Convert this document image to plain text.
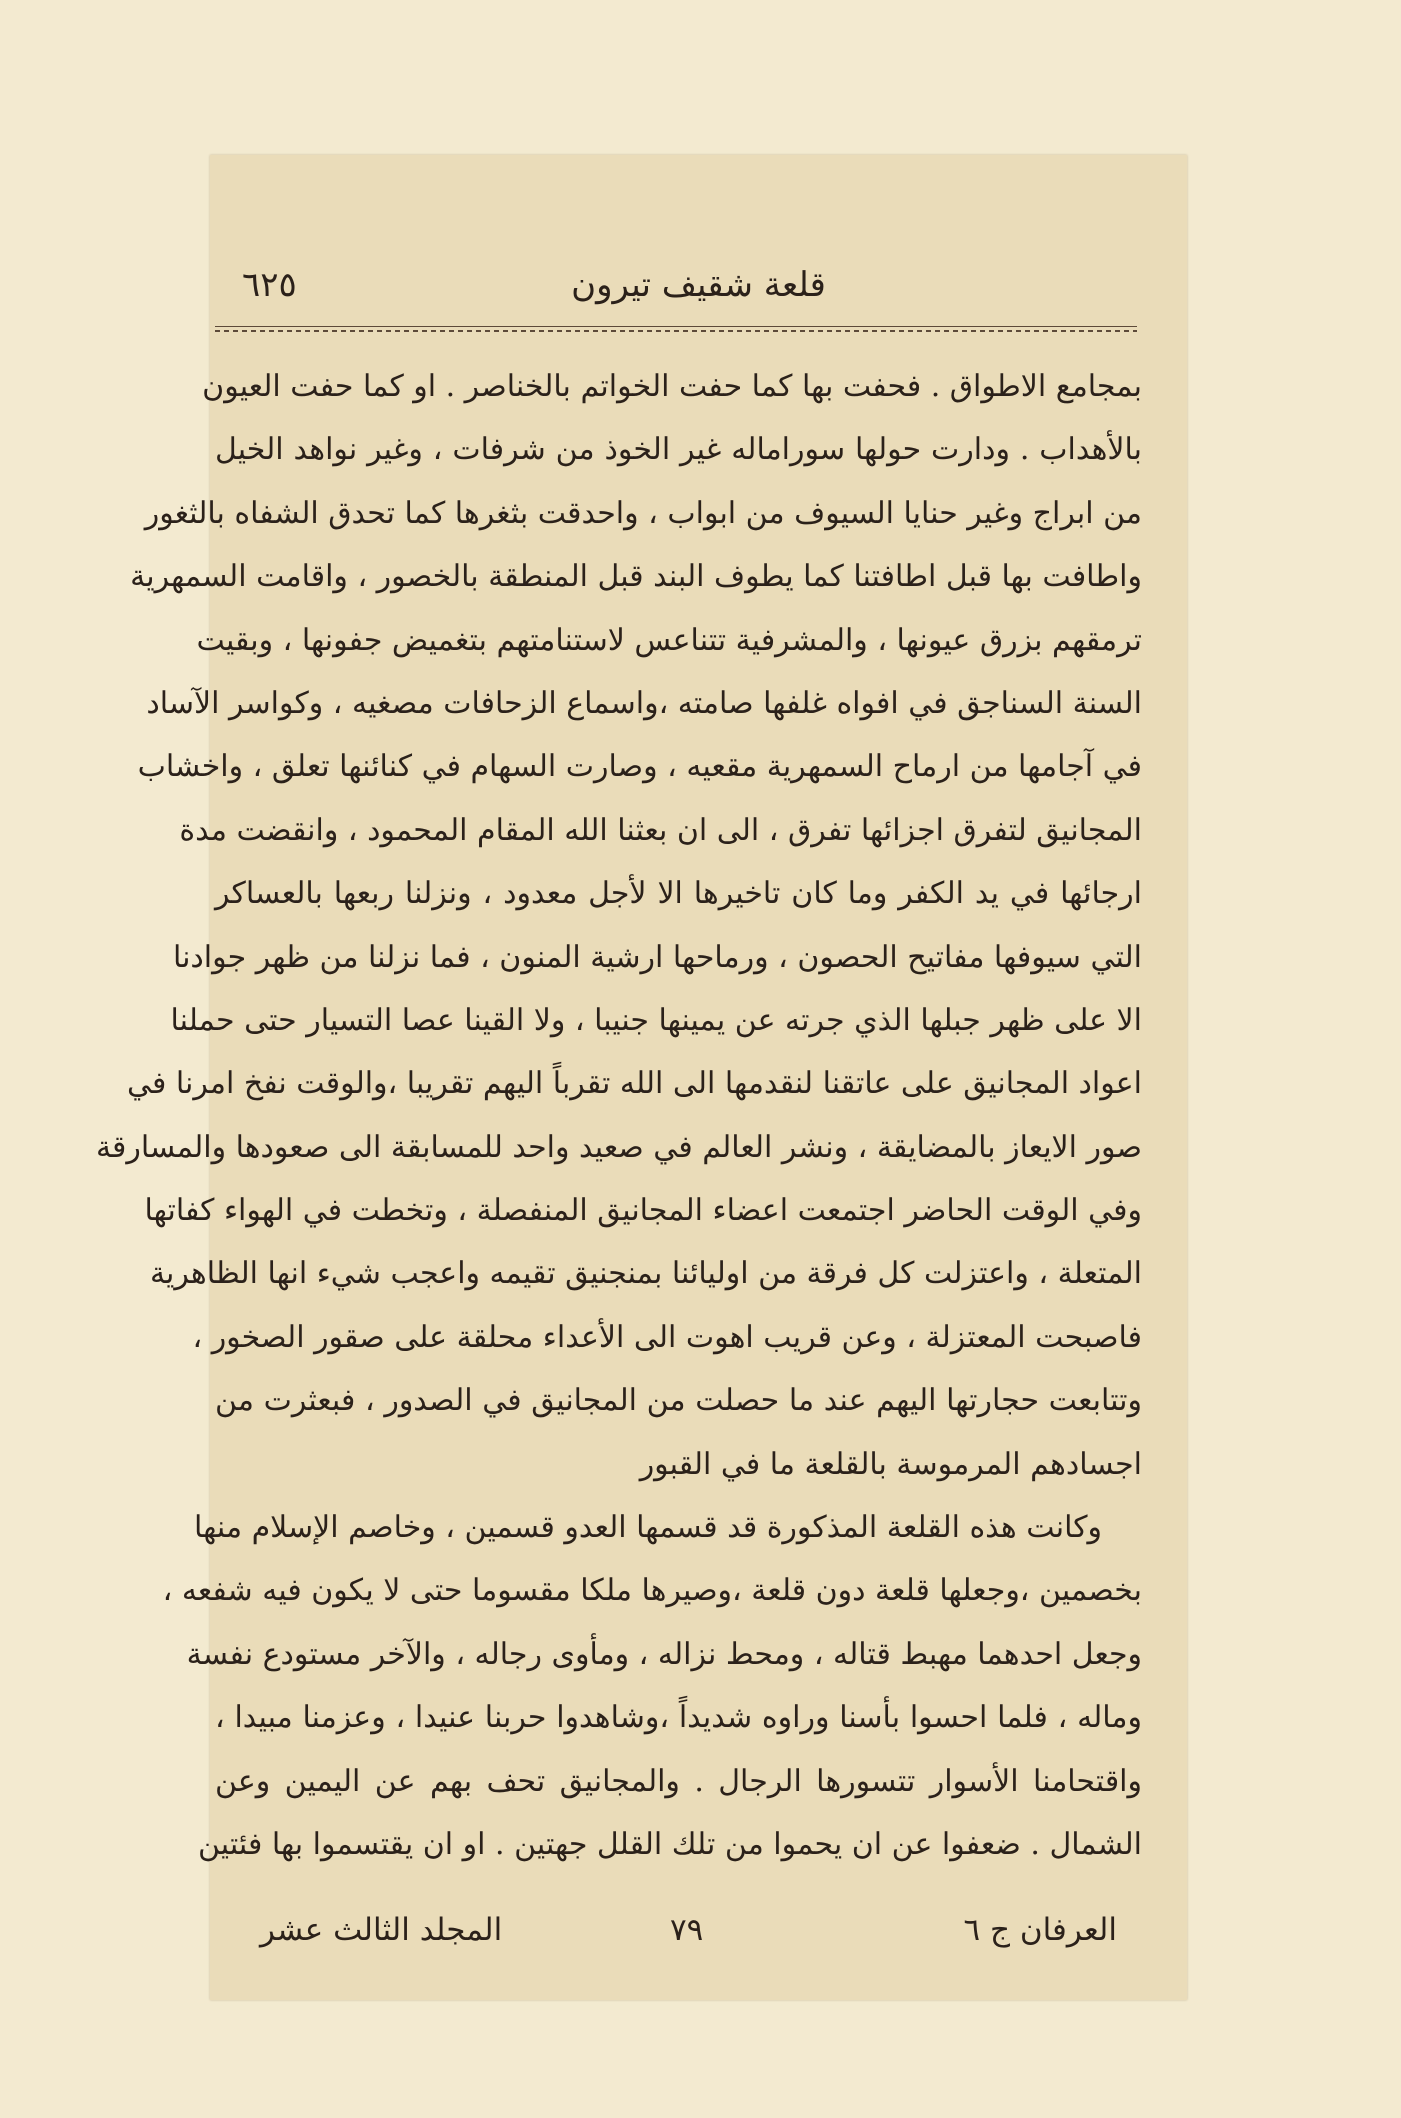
قلعة شقيف تيرون
٦٢٥
بمجامع الاطواق . فحفت بها كما حفت الخواتم بالخناصر . او كما حفت العيون
بالأهداب . ودارت حولها سوراماله غير الخوذ من شرفات ، وغير نواهد الخيل
من ابراج وغير حنايا السيوف من ابواب ، واحدقت بثغرها كما تحدق الشفاه بالثغور
واطافت بها قبل اطافتنا كما يطوف البند قبل المنطقة بالخصور ، واقامت السمهرية
ترمقهم بزرق عيونها ، والمشرفية تتناعس لاستنامتهم بتغميض جفونها ، وبقيت
السنة السناجق في افواه غلفها صامته ،واسماع الزحافات مصغيه ، وكواسر الآساد
في آجامها من ارماح السمهرية مقعيه ، وصارت السهام في كنائنها تعلق ، واخشاب
المجانيق لتفرق اجزائها تفرق ، الى ان بعثنا الله المقام المحمود ، وانقضت مدة
ارجائها في يد الكفر وما كان تاخيرها الا لأجل معدود ، ونزلنا ربعها بالعساكر
التي سيوفها مفاتيح الحصون ، ورماحها ارشية المنون ، فما نزلنا من ظهر جوادنا
الا على ظهر جبلها الذي جرته عن يمينها جنيبا ، ولا القينا عصا التسيار حتى حملنا
اعواد المجانيق على عاتقنا لنقدمها الى الله تقرباً اليهم تقريبا ،والوقت نفخ امرنا في
صور الايعاز بالمضايقة ، ونشر العالم في صعيد واحد للمسابقة الى صعودها والمسارقة
وفي الوقت الحاضر اجتمعت اعضاء المجانيق المنفصلة ، وتخطت في الهواء كفاتها
المتعلة ، واعتزلت كل فرقة من اوليائنا بمنجنيق تقيمه واعجب شيء انها الظاهرية
فاصبحت المعتزلة ، وعن قريب اهوت الى الأعداء محلقة على صقور الصخور ،
وتتابعت حجارتها اليهم عند ما حصلت من المجانيق في الصدور ، فبعثرت من
اجسادهم المرموسة بالقلعة ما في القبور
وكانت هذه القلعة المذكورة قد قسمها العدو قسمين ، وخاصم الإسلام منها
بخصمين ،وجعلها قلعة دون قلعة ،وصيرها ملكا مقسوما حتى لا يكون فيه شفعه ،
وجعل احدهما مهبط قتاله ، ومحط نزاله ، ومأوى رجاله ، والآخر مستودع نفسة
وماله ، فلما احسوا بأسنا وراوه شديداً ،وشاهدوا حربنا عنيدا ، وعزمنا مبيدا ،
واقتحامنا الأسوار تتسورها الرجال . والمجانيق تحف بهم عن اليمين وعن
الشمال . ضعفوا عن ان يحموا من تلك القلل جهتين . او ان يقتسموا بها فئتين
العرفان ج ٦
٧٩
المجلد الثالث عشر
